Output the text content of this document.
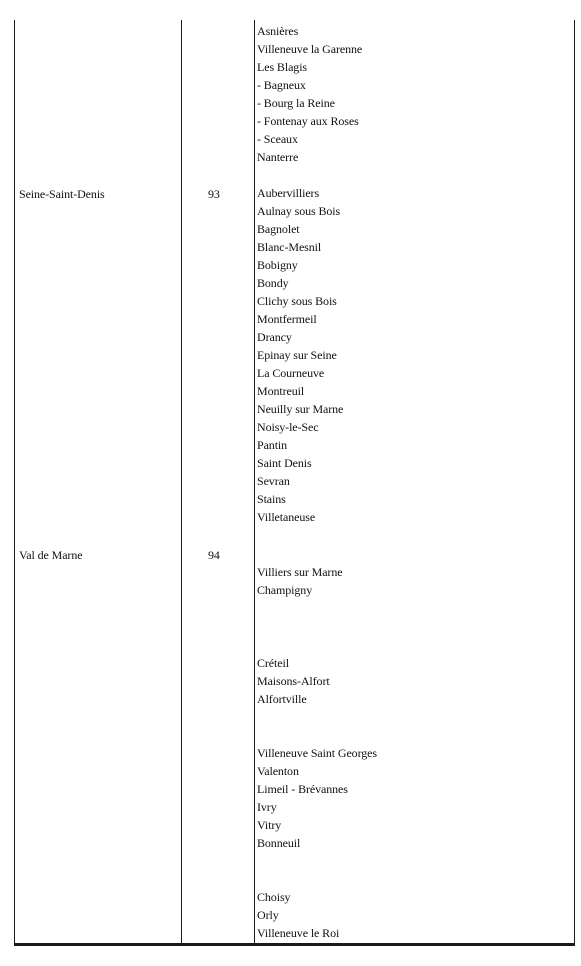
Seine-Saint-Denis	93
Val de Marne	94
Asnières
Villeneuve la Garenne
Les Blagis
- Bagneux
- Bourg la Reine
- Fontenay aux Roses
- Sceaux
Nanterre
Aubervilliers
Aulnay sous Bois
Bagnolet
Blanc-Mesnil
Bobigny
Bondy
Clichy sous Bois
Montfermeil
Drancy
Epinay sur Seine
La Courneuve
Montreuil
Neuilly sur Marne
Noisy-le-Sec
Pantin
Saint Denis
Sevran
Stains
Villetaneuse
Villiers sur Marne
Champigny
Créteil
Maisons-Alfort
Alfortville
Villeneuve Saint Georges
Valenton
Limeil - Brévannes
Ivry
Vitry
Bonneuil
Choisy
Orly
Villeneuve le Roi
